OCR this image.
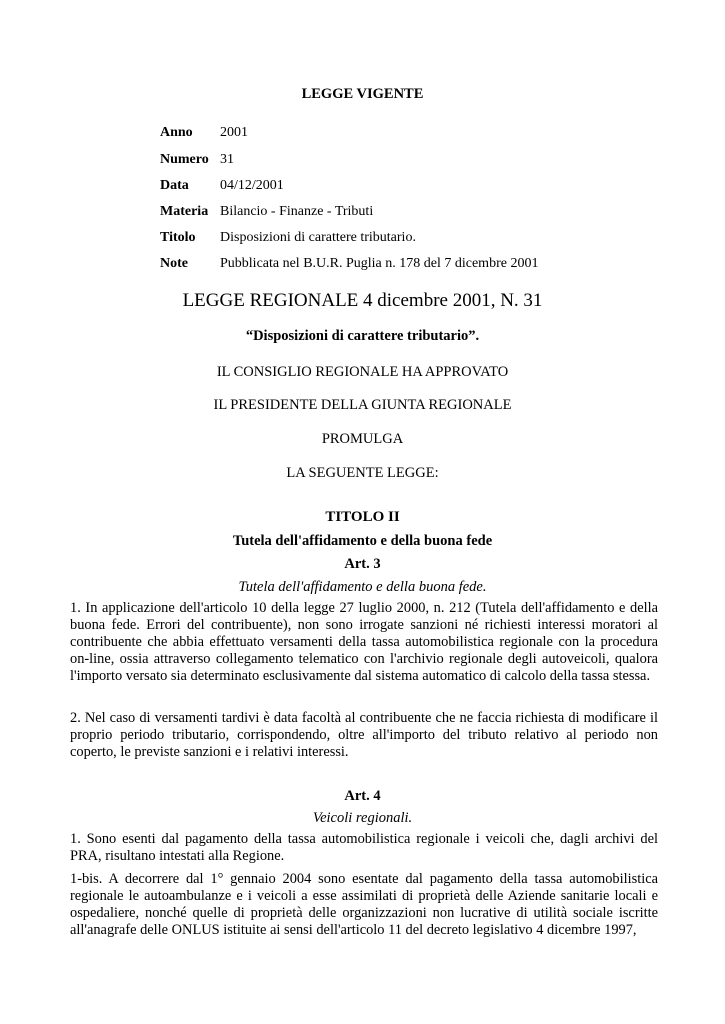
LEGGE VIGENTE
Anno 2001
Numero 31
Data 04/12/2001
Materia Bilancio - Finanze - Tributi
Titolo Disposizioni di carattere tributario.
Note Pubblicata nel B.U.R. Puglia n. 178 del 7 dicembre 2001
LEGGE REGIONALE 4 dicembre 2001, N. 31
“Disposizioni di carattere tributario”.
IL CONSIGLIO REGIONALE HA APPROVATO
IL PRESIDENTE DELLA GIUNTA REGIONALE
PROMULGA
LA SEGUENTE LEGGE:
TITOLO II
Tutela dell'affidamento e della buona fede
Art. 3
Tutela dell'affidamento e della buona fede.
1. In applicazione dell'articolo 10 della legge 27 luglio 2000, n. 212 (Tutela dell'affidamento e della buona fede. Errori del contribuente), non sono irrogate sanzioni né richiesti interessi moratori al contribuente che abbia effettuato versamenti della tassa automobilistica regionale con la procedura on-line, ossia attraverso collegamento telematico con l'archivio regionale degli autoveicoli, qualora l'importo versato sia determinato esclusivamente dal sistema automatico di calcolo della tassa stessa.
2. Nel caso di versamenti tardivi è data facoltà al contribuente che ne faccia richiesta di modificare il proprio periodo tributario, corrispondendo, oltre all'importo del tributo relativo al periodo non coperto, le previste sanzioni e i relativi interessi.
Art. 4
Veicoli regionali.
1. Sono esenti dal pagamento della tassa automobilistica regionale i veicoli che, dagli archivi del PRA, risultano intestati alla Regione.
1-bis. A decorrere dal 1° gennaio 2004 sono esentate dal pagamento della tassa automobilistica regionale le autoambulanze e i veicoli a esse assimilati di proprietà delle Aziende sanitarie locali e ospedaliere, nonché quelle di proprietà delle organizzazioni non lucrative di utilità sociale iscritte all'anagrafe delle ONLUS istituite ai sensi dell'articolo 11 del decreto legislativo 4 dicembre 1997,
